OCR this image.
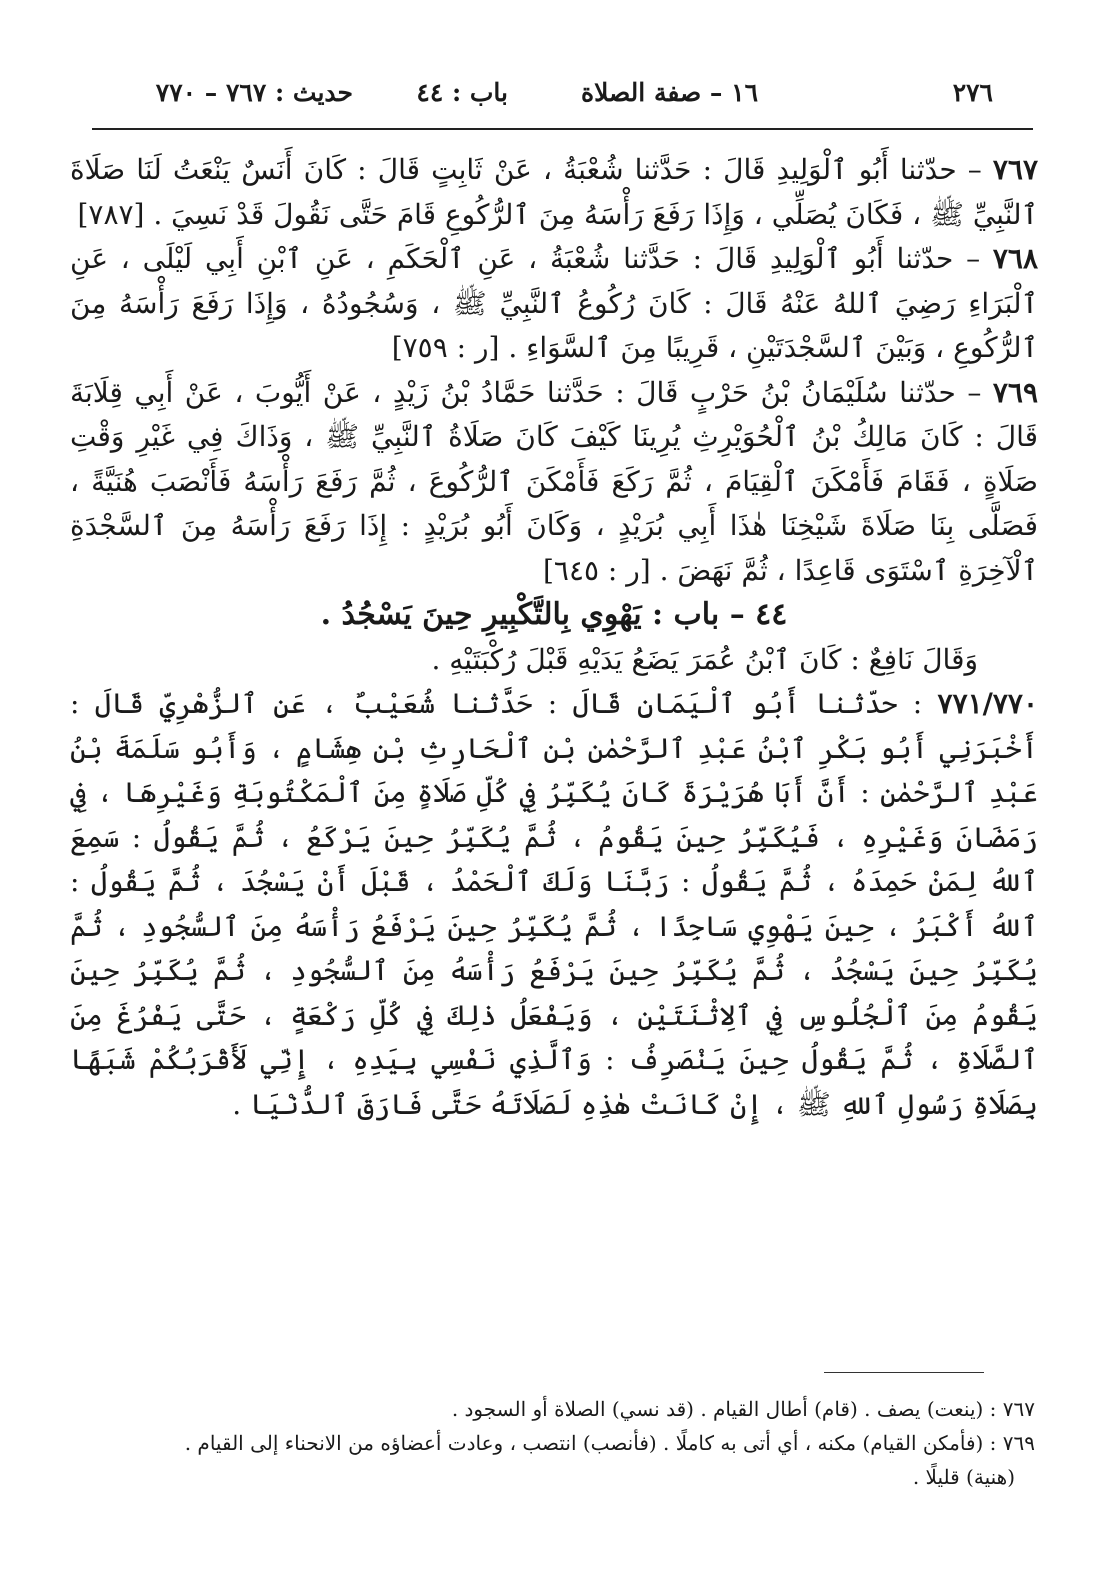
٢٧٦
١٦ – صفة الصلاة
باب : ٤٤
حديث : ٧٦٧ – ٧٧٠

٧٦٧ – حدّثنا أَبُو ٱلْوَلِيدِ قَالَ : حَدَّثنا شُعْبَةُ ، عَنْ ثَابِتٍ قَالَ : كَانَ أَنَسٌ يَنْعَتُ لَنَا صَلَاةَ ٱلنَّبِيِّ ﷺ ، فَكَانَ يُصَلِّي ، وَإِذَا رَفَعَ رَأْسَهُ مِنَ ٱلرُّكُوعِ قَامَ حَتَّى نَقُولَ قَدْ نَسِيَ . [٧٨٧]

٧٦٨ – حدّثنا أَبُو ٱلْوَلِيدِ قَالَ : حَدَّثنا شُعْبَةُ ، عَنِ ٱلْحَكَمِ ، عَنِ ٱبْنِ أَبِي لَيْلَى ، عَنِ ٱلْبَرَاءِ رَضِيَ ٱللهُ عَنْهُ قَالَ : كَانَ رُكُوعُ ٱلنَّبِيِّ ﷺ ، وَسُجُودُهُ ، وَإِذَا رَفَعَ رَأْسَهُ مِنَ ٱلرُّكُوعِ ، وَبَيْنَ ٱلسَّجْدَتَيْنِ ، قَرِيبًا مِنَ ٱلسَّوَاءِ . [ر : ٧٥٩]

٧٦٩ – حدّثنا سُلَيْمَانُ بْنُ حَرْبٍ قَالَ : حَدَّثنا حَمَّادُ بْنُ زَيْدٍ ، عَنْ أَيُّوبَ ، عَنْ أَبِي قِلَابَةَ قَالَ : كَانَ مَالِكُ بْنُ ٱلْحُوَيْرِثِ يُرِينَا كَيْفَ كَانَ صَلَاةُ ٱلنَّبِيِّ ﷺ ، وَذَاكَ فِي غَيْرِ وَقْتِ صَلَاةٍ ، فَقَامَ فَأَمْكَنَ ٱلْقِيَامَ ، ثُمَّ رَكَعَ فَأَمْكَنَ ٱلرُّكُوعَ ، ثُمَّ رَفَعَ رَأْسَهُ فَأَنْصَبَ هُنَيَّةً ، فَصَلَّى بِنَا صَلَاةَ شَيْخِنَا هٰذَا أَبِي بُرَيْدٍ ، وَكَانَ أَبُو بُرَيْدٍ : إِذَا رَفَعَ رَأْسَهُ مِنَ ٱلسَّجْدَةِ ٱلْآخِرَةِ ٱسْتَوَى قَاعِدًا ، ثُمَّ نَهَضَ . [ر : ٦٤٥]

٤٤ – باب : يَهْوِي بِالتَّكْبِيرِ حِينَ يَسْجُدُ .

وَقَالَ نَافِعٌ : كَانَ ٱبْنُ عُمَرَ يَضَعُ يَدَيْهِ قَبْلَ رُكْبَتَيْهِ .

٧٧١/٧٧٠ : حدّثنا أَبُو ٱلْيَمَانِ قَالَ : حَدَّثنا شُعَيْبٌ ، عَنِ ٱلزُّهْرِيِّ قَالَ : أَخْبَرَنِي أَبُو بَكْرِ ٱبْنُ عَبْدِ ٱلرَّحْمٰنِ بْنِ ٱلْحَارِثِ بْنِ هِشَامٍ ، وَأَبُو سَلَمَةَ بْنُ عَبْدِ ٱلرَّحْمٰنِ : أَنَّ أَبَا هُرَيْرَةَ كَانَ يُكَبِّرُ فِي كُلِّ صَلَاةٍ مِنَ ٱلْمَكْتُوبَةِ وَغَيْرِهَا ، فِي رَمَضَانَ وَغَيْرِهِ ، فَيُكَبِّرُ حِينَ يَقُومُ ، ثُمَّ يُكَبِّرُ حِينَ يَرْكَعُ ، ثُمَّ يَقُولُ : سَمِعَ ٱللهُ لِمَنْ حَمِدَهُ ، ثُمَّ يَقُولُ : رَبَّنَا وَلَكَ ٱلْحَمْدُ ، قَبْلَ أَنْ يَسْجُدَ ، ثُمَّ يَقُولُ : ٱللهُ أَكْبَرُ ، حِينَ يَهْوِي سَاجِدًا ، ثُمَّ يُكَبِّرُ حِينَ يَرْفَعُ رَأْسَهُ مِنَ ٱلسُّجُودِ ، ثُمَّ يُكَبِّرُ حِينَ يَسْجُدُ ، ثُمَّ يُكَبِّرُ حِينَ يَرْفَعُ رَأْسَهُ مِنَ ٱلسُّجُودِ ، ثُمَّ يُكَبِّرُ حِينَ يَقُومُ مِنَ ٱلْجُلُوسِ فِي ٱلِاثْنَتَيْنِ ، وَيَفْعَلُ ذٰلِكَ فِي كُلِّ رَكْعَةٍ ، حَتَّى يَفْرُغَ مِنَ ٱلصَّلَاةِ ، ثُمَّ يَقُولُ حِينَ يَنْصَرِفُ : وَٱلَّذِي نَفْسِي بِيَدِهِ ، إِنِّي لَأَقْرَبُكُمْ شَبَهًا بِصَلَاةِ رَسُولِ ٱللهِ ﷺ ، إِنْ كَانَتْ هٰذِهِ لَصَلَاتَهُ حَتَّى فَارَقَ ٱلدُّنْيَا .

٧٦٧ : (ينعت) يصف . (قام) أطال القيام . (قد نسي) الصلاة أو السجود .

٧٦٩ : (فأمكن القيام) مكنه ، أي أتى به كاملًا . (فأنصب) انتصب ، وعادت أعضاؤه من الانحناء إلى القيام .

(هنية) قليلًا .
